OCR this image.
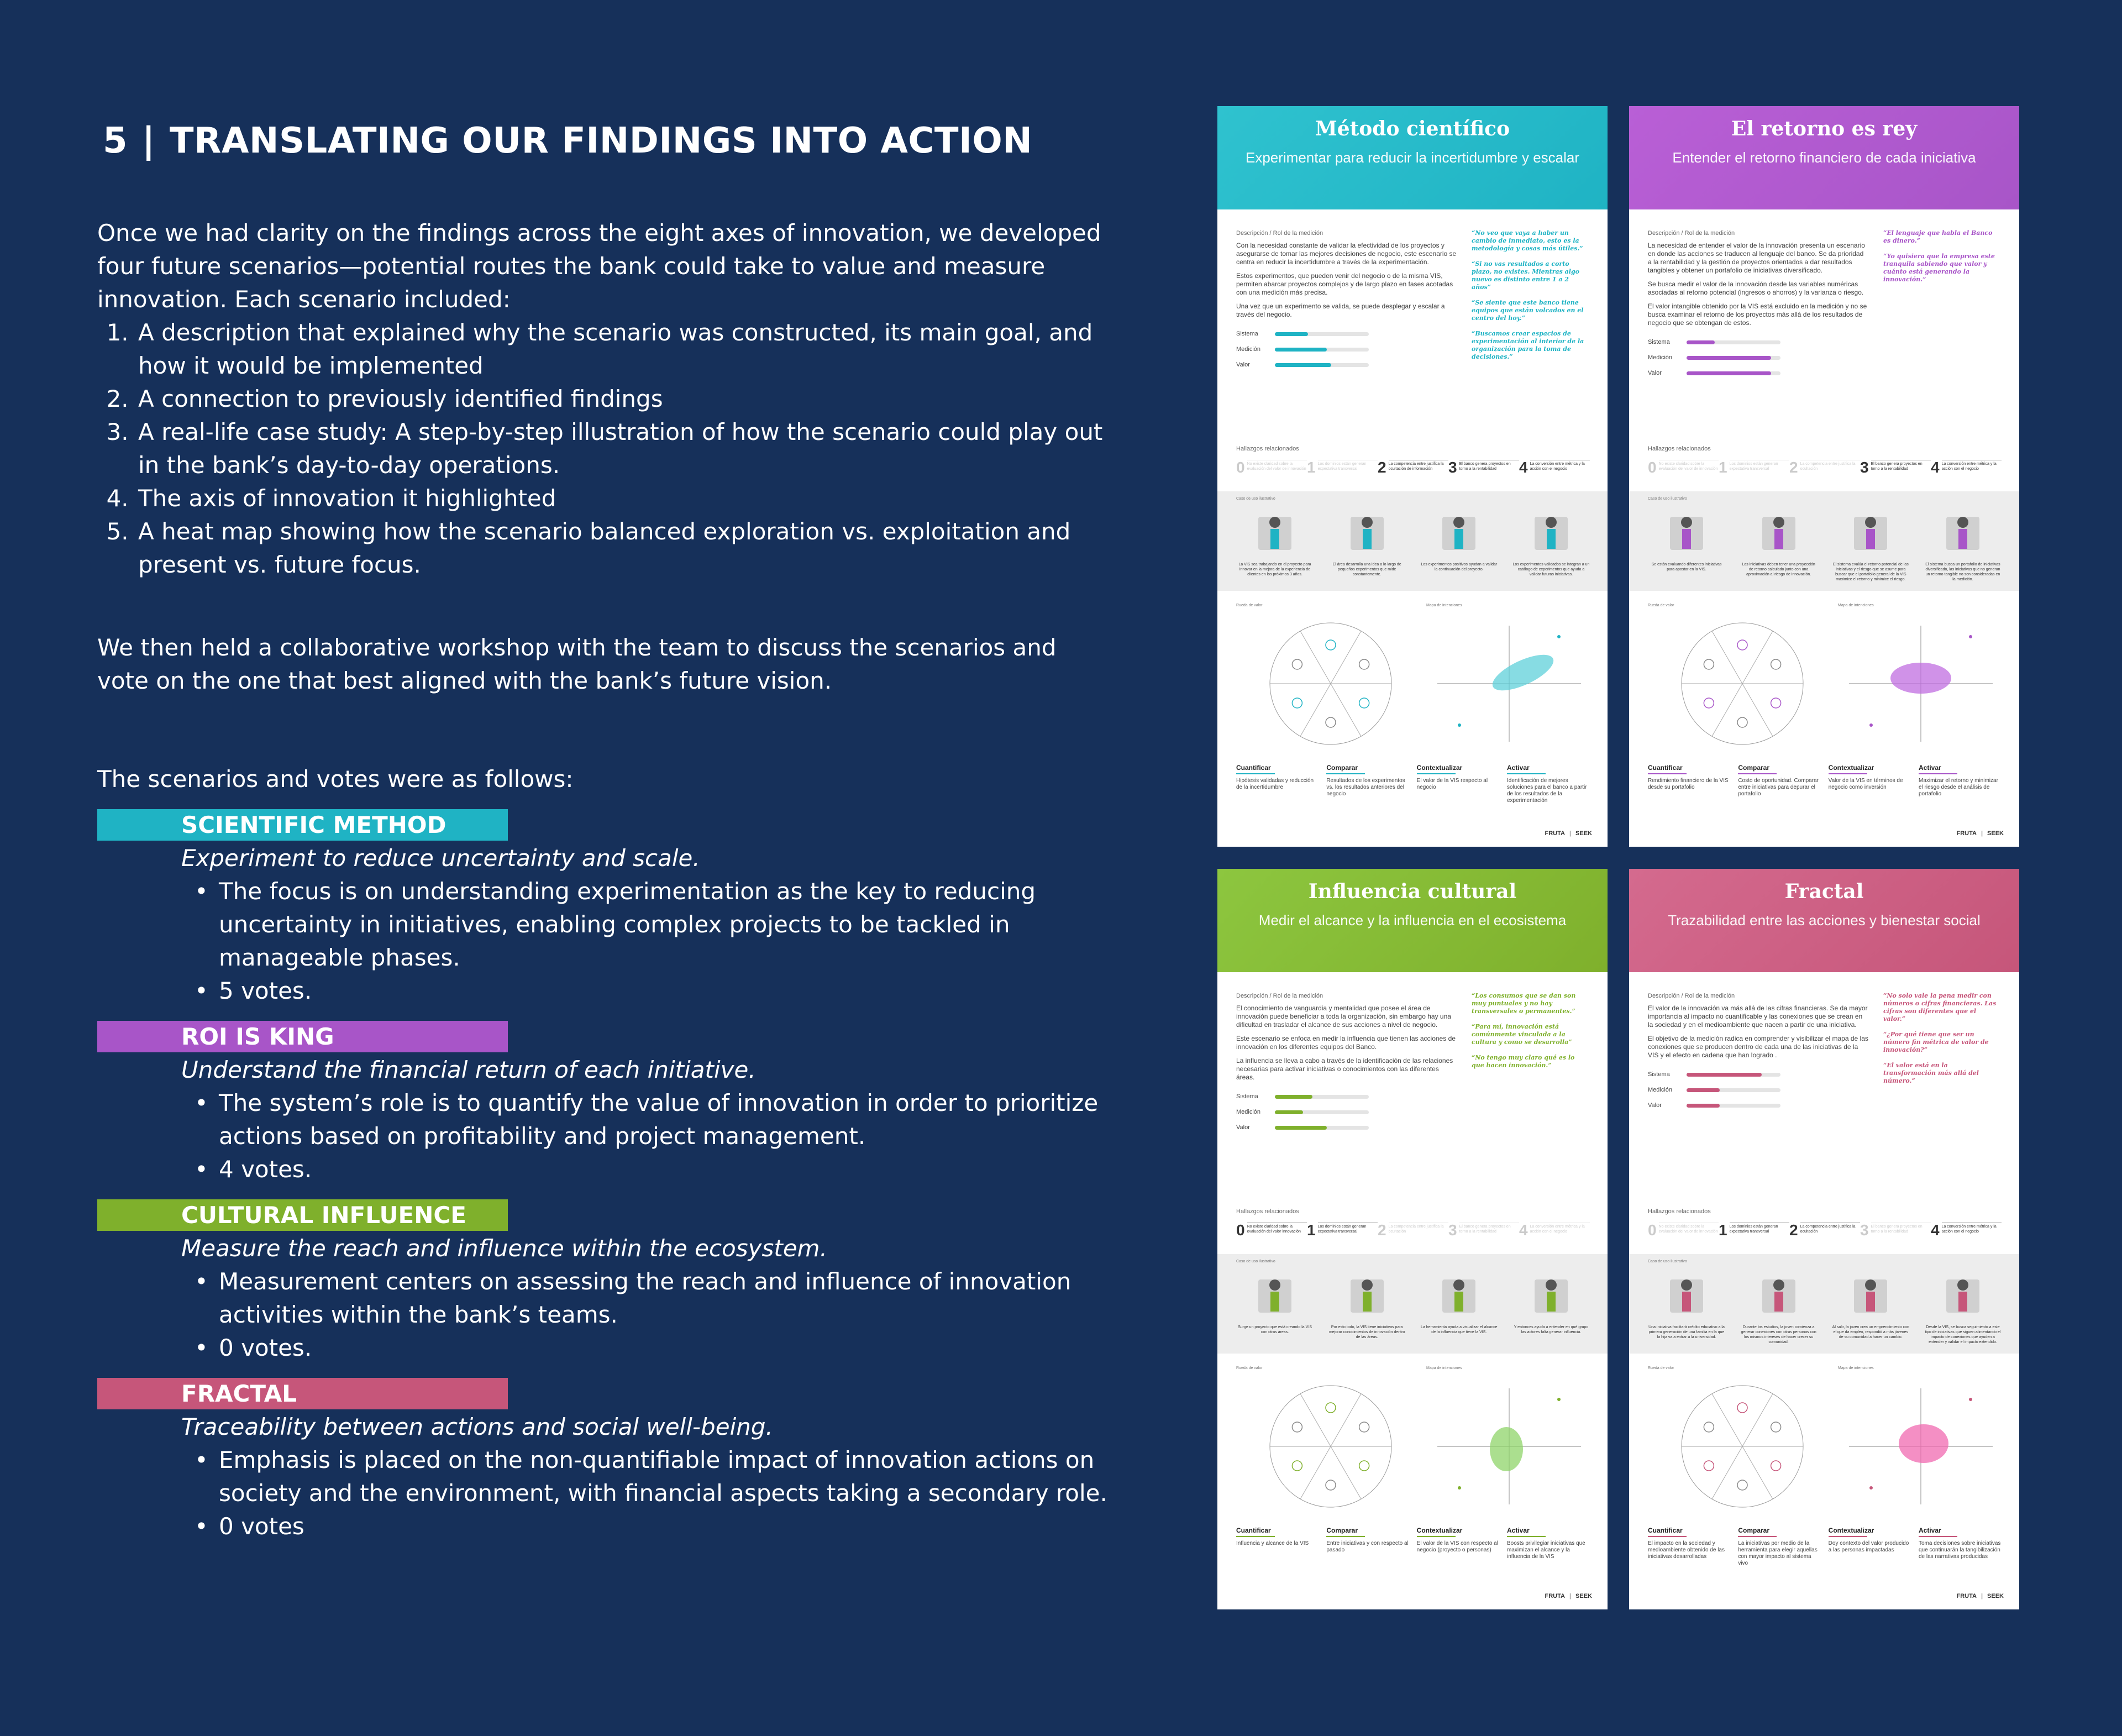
5 | TRANSLATING OUR FINDINGS INTO ACTION

Once we had clarity on the findings across the eight axes of innovation, we developed four future scenarios—potential routes the bank could take to value and measure innovation. Each scenario included:

1. A description that explained why the scenario was constructed, its main goal, and how it would be implemented
2. A connection to previously identified findings
3. A real-life case study: A step-by-step illustration of how the scenario could play out in the bank’s day-to-day operations.
4. The axis of innovation it highlighted
5. A heat map showing how the scenario balanced exploration vs. exploitation and present vs. future focus.

We then held a collaborative workshop with the team to discuss the scenarios and vote on the one that best aligned with the bank’s future vision.

The scenarios and votes were as follows:

SCIENTIFIC METHOD
Experiment to reduce uncertainty and scale.
• The focus is on understanding experimentation as the key to reducing uncertainty in initiatives, enabling complex projects to be tackled in manageable phases.
• 5 votes.
ROI IS KING
Understand the financial return of each initiative.
• The system’s role is to quantify the value of innovation in order to prioritize actions based on profitability and project management.
• 4 votes.
CULTURAL INFLUENCE
Measure the reach and influence within the ecosystem.
• Measurement centers on assessing the reach and influence of innovation activities within the bank’s teams.
• 0 votes.
FRACTAL
Traceability between actions and social well-being.
• Emphasis is placed on the non-quantifiable impact of innovation actions on society and the environment, with financial aspects taking a secondary role.
• 0 votes
Método científico
Experimentar para reducir la incertidumbre y escalar
Descripción / Rol de la medición

Con la necesidad constante de validar la efectividad de los proyectos y asegurarse de tomar las mejores decisiones de negocio, este escenario se centra en reducir la incertidumbre a través de la experimentación.

Estos experimentos, que pueden venir del negocio o de la misma VIS, permiten abarcar proyectos complejos y de largo plazo en fases acotadas con una medición más precisa.

Una vez que un experimento se valida, se puede desplegar y escalar a través del negocio.

Sistema
Medición
Valor

“No veo que vaya a haber un cambio de inmediato, esto es la metodología y cosas más útiles.”

“Si no vas resultados a corto plazo, no existes. Mientras algo nuevo es distinto entre 1 a 2 años”

“Se siente que este banco tiene equipos que están volcados en el centro del hoy.”

“Buscamos crear espacios de experimentación al interior de la organización para la toma de decisiones.”

Hallazgos relacionados
0 No existe claridad sobre la evaluación del valor de innovación 1 Los dominios están generan expectativa transversal	2 La competencia entre justifica la ocultación de información	3 El banco genera proyectos en torno a la rentabilidad	4 La conversión entre métrica y la acción con el negocio
Caso de uso ilustrativo
La VIS sea trabajando en el proyecto para innovar en la mejora de la experiencia de clientes en los próximos 3 años.
El área desarrolla una idea a lo largo de pequeños experimentos que mide constantemente.
Los experimentos positivos ayudan a validar la continuación del proyecto.
Los experimentos validados se integran a un catálogo de experimentos que ayuda a validar futuras iniciativas.
Rueda de valor	Mapa de intenciones
Cuantificar
Hipótesis validadas y reducción de la incertidumbre
Comparar
Resultados de los experimentos vs. los resultados anteriores del negocio
Contextualizar
El valor de la VIS respecto al negocio
Activar
Identificación de mejores soluciones para el banco a partir de los resultados de la experimentación
FRUTA | SEEK
El retorno es rey
Entender el retorno financiero de cada iniciativa
Descripción / Rol de la medición

La necesidad de entender el valor de la innovación presenta un escenario en donde las acciones se traducen al lenguaje del banco. Se da prioridad a la rentabilidad y la gestión de proyectos orientados a dar resultados tangibles y obtener un portafolio de iniciativas diversificado.

Se busca medir el valor de la innovación desde las variables numéricas asociadas al retorno potencial (ingresos o ahorros) y la varianza o riesgo.

El valor intangible obtenido por la VIS está excluido en la medición y no se busca examinar el retorno de los proyectos más allá de los resultados de negocio que se obtengan de estos.

Sistema
Medición
Valor

“El lenguaje que habla el Banco es dinero.”

“Yo quisiera que la empresa este tranquila sabiendo que valor y cuánto está generando la innovación.”

Hallazgos relacionados
0 No existe claridad sobre la evaluación del valor de innovación 1 Los dominios están generan expectativa transversal	2 La competencia entre justifica la ocultación	3 El banco genera proyectos en torno a la rentabilidad	4 La conversión entre métrica y la acción con el negocio
Caso de uso ilustrativo
Se están evaluando diferentes iniciativas para apostar en la VIS.
Las iniciativas deben tener una proyección de retorno calculado junto con una aproximación al riesgo de innovación.
El sistema evalúa el retorno potencial de las iniciativas y el riesgo que se asume para buscar que el portafolio general de la VIS maximice el retorno y minimice el riesgo.
El sistema busca un portafolio de iniciativas diversificado, las iniciativas que no generan un retorno tangible no son consideradas en la medición.
Rueda de valor	Mapa de intenciones
Cuantificar
Rendimiento financiero de la VIS desde su portafolio
Comparar
Costo de oportunidad. Comparar entre iniciativas para depurar el portafolio
Contextualizar
Valor de la VIS en términos de negocio como inversión
Activar
Maximizar el retorno y minimizar el riesgo desde el análisis de portafolio
FRUTA | SEEK
Influencia cultural
Medir el alcance y la influencia en el ecosistema
Descripción / Rol de la medición

El conocimiento de vanguardia y mentalidad que posee el área de innovación puede beneficiar a toda la organización, sin embargo hay una dificultad en trasladar el alcance de sus acciones a nivel de negocio.

Este escenario se enfoca en medir la influencia que tienen las acciones de innovación en los diferentes equipos del Banco.

La influencia se lleva a cabo a través de la identificación de las relaciones necesarias para activar iniciativas o conocimientos con las diferentes áreas.

Sistema
Medición
Valor

“Los consumos que se dan son muy puntuales y no hay transversales o permanentes.”

“Para mí, innovación está comúnmente vinculada a la cultura y como se desarrolla”

“No tengo muy claro qué es lo que hacen innovación.”

Hallazgos relacionados
0 No existe claridad sobre la evaluación del valor innovación 1 Los dominios están generan expectativa transversal	2 La competencia entre justifica la ocultación	3 El banco genera proyectos en torno a la rentabilidad	4 La conversión entre métrica y la acción con el negocio
Caso de uso ilustrativo
Surge un proyecto que está creando la VIS con otras áreas.
Por esto todo, la VIS tiene iniciativas para mejorar conocimientos de innovación dentro de las áreas.
La herramienta ayuda a visualizar el alcance de la influencia que tiene la VIS.
Y entonces ayuda a entender en qué grupo las actores falta generar influencia.
Rueda de valor	Mapa de intenciones
Cuantificar
Influencia y alcance de la VIS
Comparar
Entre iniciativas y con respecto al pasado
Contextualizar
El valor de la VIS con respecto al negocio (proyecto o personas)
Activar
Boosts privilegiar iniciativas que maximizan el alcance y la influencia de la VIS
FRUTA | SEEK
Fractal
Trazabilidad entre las acciones y bienestar social
Descripción / Rol de la medición

El valor de la innovación va más allá de las cifras financieras. Se da mayor importancia al impacto no cuantificable y las conexiones que se crean en la sociedad y en el medioambiente que nacen a partir de una iniciativa.

El objetivo de la medición radica en comprender y visibilizar el mapa de las conexiones que se producen dentro de cada una de las iniciativas de la VIS y el efecto en cadena que han logrado .

Sistema
Medición
Valor

“No solo vale la pena medir con números o cifras financieras. Las cifras son diferentes que el valor.”

“¿Por qué tiene que ser un número fin métrica de valor de innovación?”

“El valor está en la transformación más allá del número.”

Hallazgos relacionados
0 No existe claridad sobre la evaluación del valor de innovación 1 Los dominios están generan expectativa transversal	2 La competencia entre justifica la ocultación	3 El banco genera proyectos en torno a la rentabilidad	4 La conversión entre métrica y la acción con el negocio
Caso de uso ilustrativo
Una iniciativa facilitará crédito educativo a la primera generación de una familia en la que la hija va a entrar a la universidad.
Durante los estudios, la joven comienza a generar conexiones con otras personas con los mismos intereses de hacer crecer su comunidad.
Al salir, la joven crea un emprendimiento con el que da empleo, respondió a más jóvenes de su comunidad a hacer un cambio.
Desde la VIS, se busca seguimiento a este tipo de iniciativas que siguen alimentando el impacto de conexiones que ayuden a entender y validar el impacto extendido.
Rueda de valor	Mapa de intenciones
Cuantificar
El impacto en la sociedad y medioambiente obtenido de las iniciativas desarrolladas
Comparar
La iniciativas por medio de la herramienta para elegir aquellas con mayor impacto al sistema vivo
Contextualizar
Doy contexto del valor producido a las personas impactadas
Activar
Toma decisiones sobre iniciativas que continuarán la tangibilización de las narrativas producidas
FRUTA | SEEK
